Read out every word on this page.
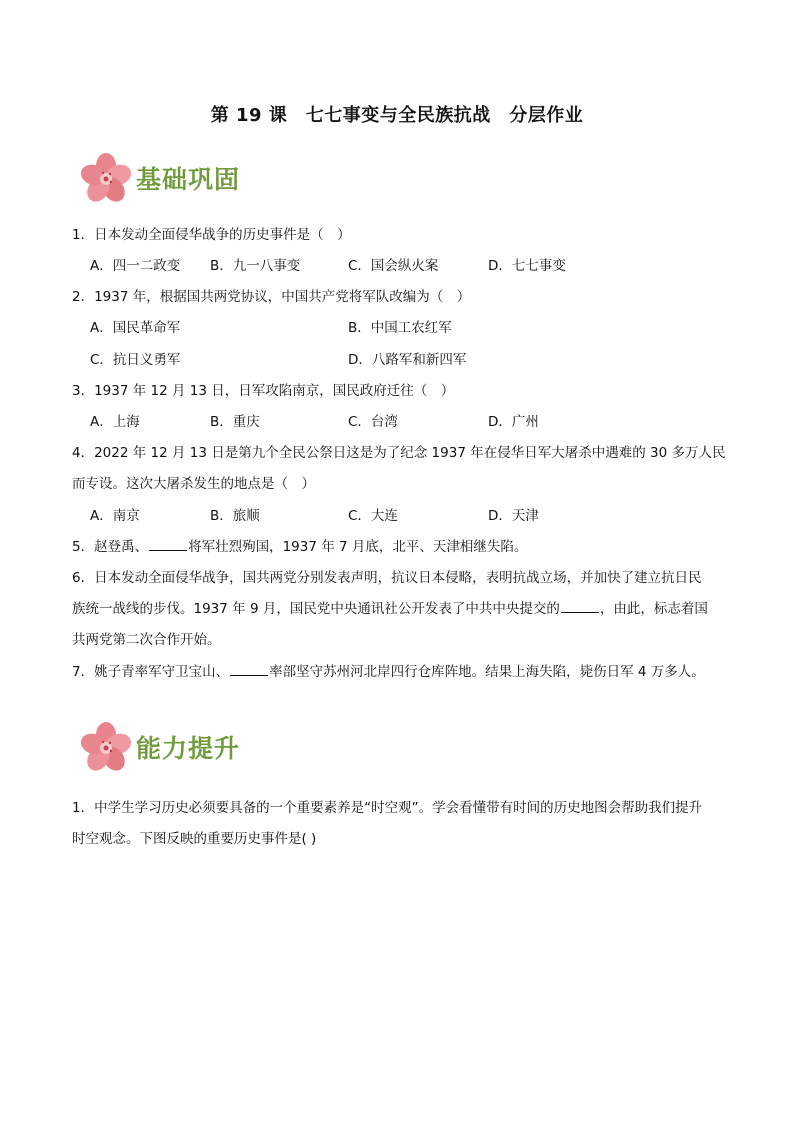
第 19 课　七七事变与全民族抗战　分层作业
基础巩固
1．日本发动全面侵华战争的历史事件是（　）
A．四一二政变 B．九一八事变	C．国会纵火案	D．七七事变
2．1937 年，根据国共两党协议，中国共产党将军队改编为（　）
A．国民革命军	B．中国工农红军
C．抗日义勇军	D．八路军和新四军
3．1937 年 12 月 13 日，日军攻陷南京，国民政府迁往（　）
A．上海	B．重庆	C．台湾	D．广州
4．2022 年 12 月 13 日是第九个全民公祭日这是为了纪念 1937 年在侵华日军大屠杀中遇难的 30 多万人民
而专设。这次大屠杀发生的地点是（　）
A．南京	B．旅顺	C．大连	D．天津
5．赵登禹、	将军壮烈殉国，1937 年 7 月底，北平、天津相继失陷。
6．日本发动全面侵华战争，国共两党分别发表声明，抗议日本侵略，表明抗战立场，并加快了建立抗日民
族统一战线的步伐。1937 年 9 月，国民党中央通讯社公开发表了中共中央提交的	，由此，标志着国
共两党第二次合作开始。
7．姚子青率军守卫宝山、	率部坚守苏州河北岸四行仓库阵地。结果上海失陷，毙伤日军 4 万多人。
能力提升
1．中学生学习历史必须要具备的一个重要素养是“时空观”。学会看懂带有时间的历史地图会帮助我们提升
时空观念。下图反映的重要历史事件是( )
